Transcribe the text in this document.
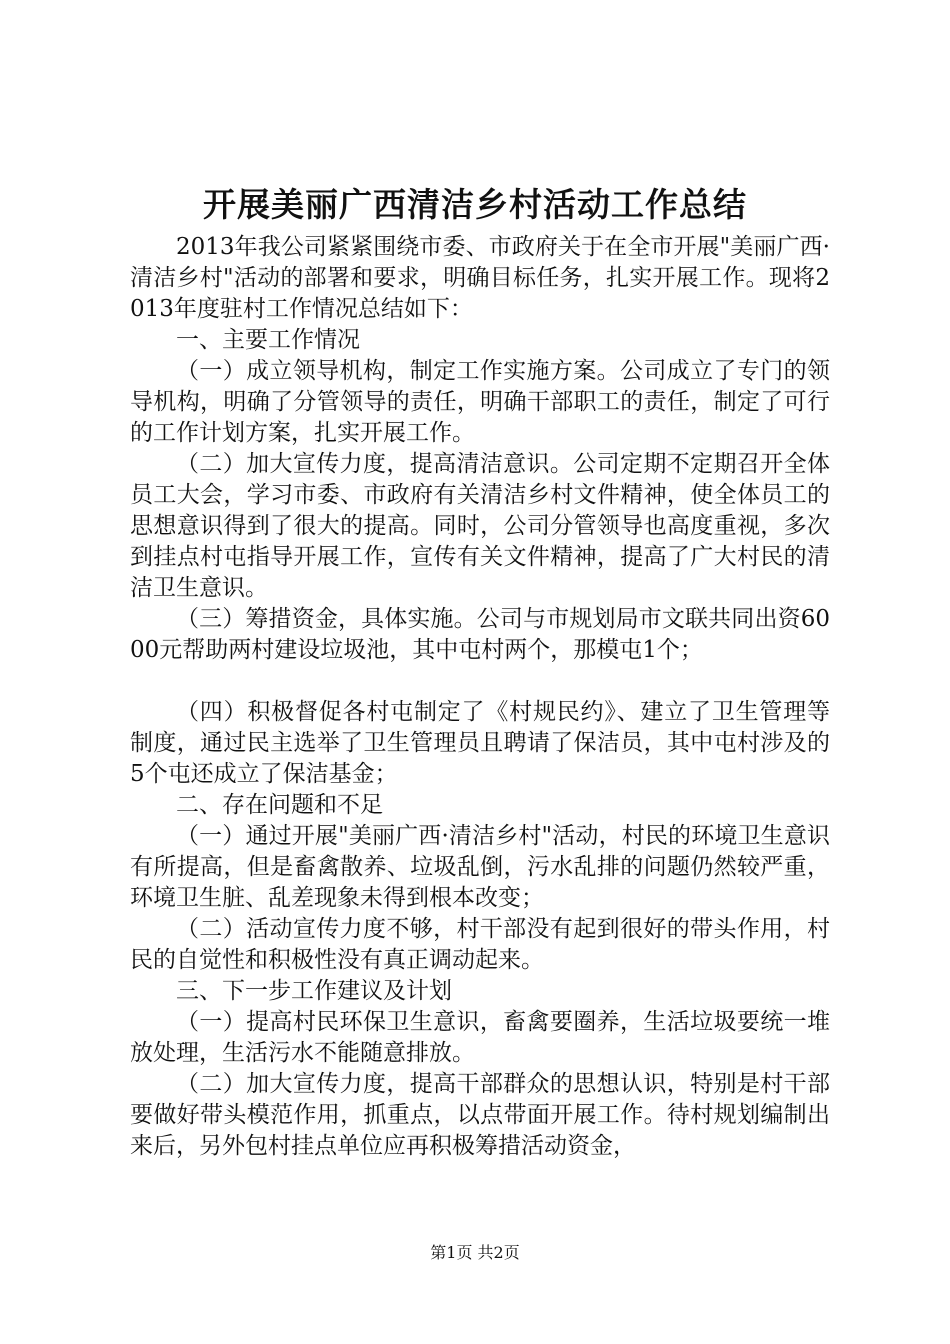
开展美丽广西清洁乡村活动工作总结

2013年我公司紧紧围绕市委、市政府关于在全市开展"美丽广西·清洁乡村"活动的部署和要求，明确目标任务，扎实开展工作。现将2013年度驻村工作情况总结如下：

一、主要工作情况

（一）成立领导机构，制定工作实施方案。公司成立了专门的领导机构，明确了分管领导的责任，明确干部职工的责任，制定了可行的工作计划方案，扎实开展工作。

（二）加大宣传力度，提高清洁意识。公司定期不定期召开全体员工大会，学习市委、市政府有关清洁乡村文件精神，使全体员工的思想意识得到了很大的提高。同时，公司分管领导也高度重视，多次到挂点村屯指导开展工作，宣传有关文件精神，提高了广大村民的清洁卫生意识。

（三）筹措资金，具体实施。公司与市规划局市文联共同出资6000元帮助两村建设垃圾池，其中屯村两个，那模屯1个；

（四）积极督促各村屯制定了《村规民约》、建立了卫生管理等制度，通过民主选举了卫生管理员且聘请了保洁员，其中屯村涉及的5个屯还成立了保洁基金；

二、存在问题和不足

（一）通过开展"美丽广西·清洁乡村"活动，村民的环境卫生意识有所提高，但是畜禽散养、垃圾乱倒，污水乱排的问题仍然较严重，环境卫生脏、乱差现象未得到根本改变；

（二）活动宣传力度不够，村干部没有起到很好的带头作用，村民的自觉性和积极性没有真正调动起来。

三、下一步工作建议及计划

（一）提高村民环保卫生意识，畜禽要圈养，生活垃圾要统一堆放处理，生活污水不能随意排放。

（二）加大宣传力度，提高干部群众的思想认识，特别是村干部要做好带头模范作用，抓重点，以点带面开展工作。待村规划编制出来后，另外包村挂点单位应再积极筹措活动资金，

第1页 共2页
